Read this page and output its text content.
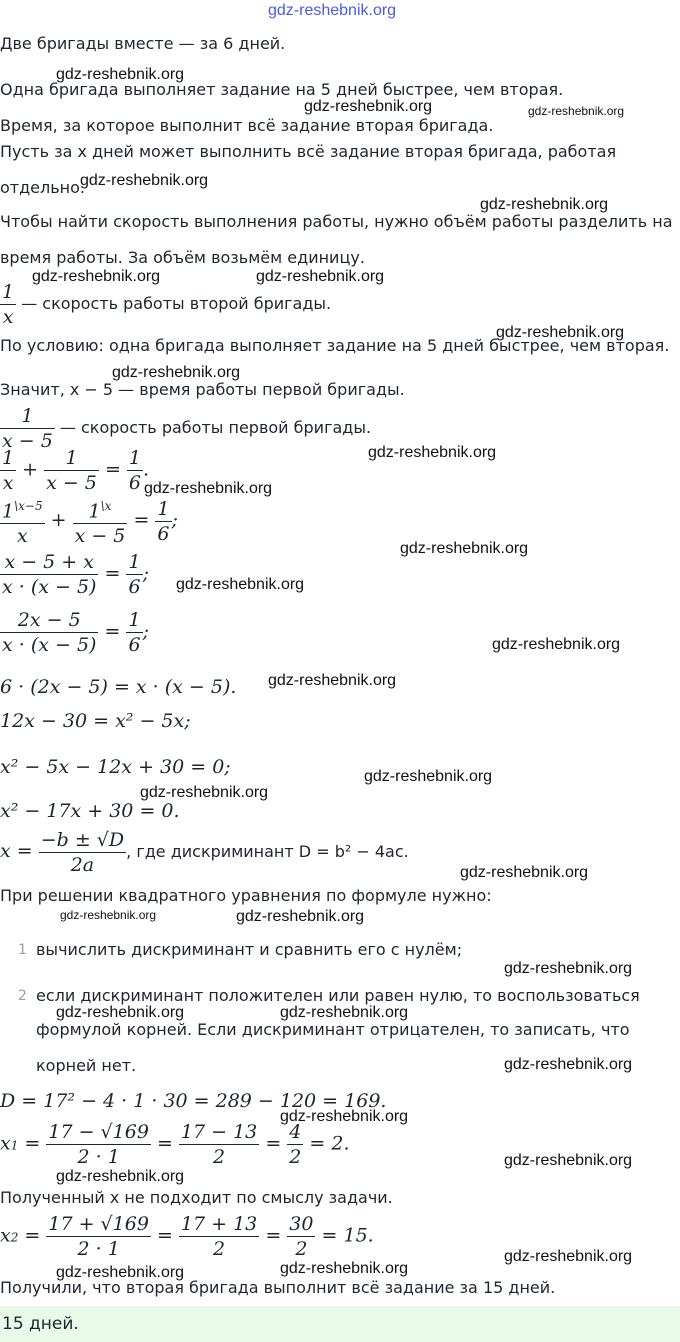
gdz-reshebnik.org
Две бригады вместе — за 6 дней.
Одна бригада выполняет задание на 5 дней быстрее, чем вторая.
Время, за которое выполнит всё задание вторая бригада.
Пусть за x дней может выполнить всё задание вторая бригада, работая
отдельно.
Чтобы найти скорость выполнения работы, нужно объём работы разделить на
время работы. За объём возьмём единицу.
$\frac{1}{x}$ — скорость работы второй бригады.
По условию: одна бригада выполняет задание на 5 дней быстрее, чем вторая.
Значит, x − 5 — время работы первой бригады.
$\frac{1}{x - 5}$ — скорость работы первой бригады.
$\frac{1}{x} + \frac{1}{x - 5} = \frac{1}{6}$ .
$\frac{1^{\backslash x-5}}{x} + \frac{1^{\backslash x}}{x - 5} = \frac{1}{6}$ ;
$\frac{x - 5 + x}{x \cdot (x - 5)} = \frac{1}{6}$ ;
$\frac{2x - 5}{x \cdot (x - 5)} = \frac{1}{6}$ ;
6 · (2x − 5) = x · (x − 5).
12x − 30 = x² − 5x;
x² − 5x − 12x + 30 = 0;
x² − 17x + 30 = 0.
$x = \frac{-b \pm √D}{2a}$ , где дискриминант D = b² − 4ac.
При решении квадратного уравнения по формуле нужно:
1 вычислить дискриминант и сравнить его с нулём;
2 если дискриминант положителен или равен нулю, то воспользоваться
формулой корней. Если дискриминант отрицателен, то записать, что
корней нет.
D = 17² − 4 · 1 · 30 = 289 − 120 = 169.
$x1 = \frac{17 - √169}{2 \cdot 1} = \frac{17 - 13}{2} = \frac{4}{2} = 2$.
Полученный x не подходит по смыслу задачи.
$x2 = \frac{17 + √169}{2 \cdot 1} = \frac{17 + 13}{2} = \frac{30}{2} = 15$.
Получили, что вторая бригада выполнит всё задание за 15 дней.
15 дней.
gdz-reshebnik.org
gdz-reshebnik.org	gdz-reshebnik.org
gdz-reshebnik.org
gdz-reshebnik.org
gdz-reshebnik.org	gdz-reshebnik.org
gdz-reshebnik.org
gdz-reshebnik.org
gdz-reshebnik.org
gdz-reshebnik.org
gdz-reshebnik.org
gdz-reshebnik.org
gdz-reshebnik.org
gdz-reshebnik.org
gdz-reshebnik.org
gdz-reshebnik.org
gdz-reshebnik.org
gdz-reshebnik.org	gdz-reshebnik.org
gdz-reshebnik.org
gdz-reshebnik.org	gdz-reshebnik.org
gdz-reshebnik.org
gdz-reshebnik.org
gdz-reshebnik.org
gdz-reshebnik.org
gdz-reshebnik.org
gdz-reshebnik.org	gdz-reshebnik.org
